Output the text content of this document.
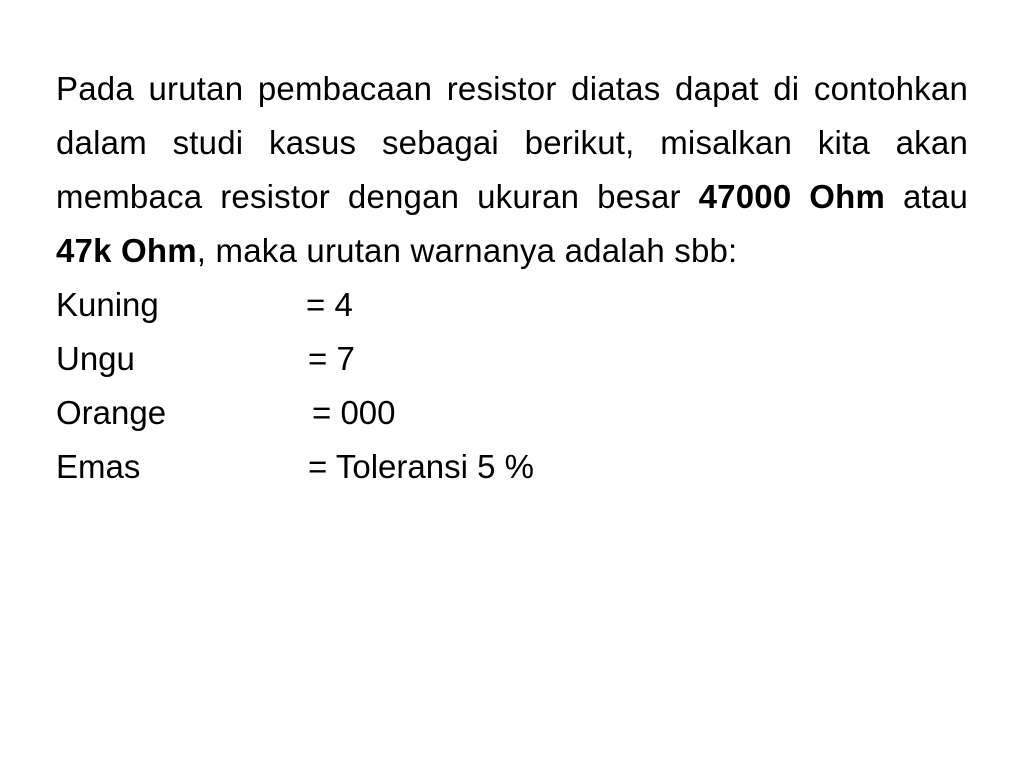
Pada urutan pembacaan resistor diatas dapat di contohkan dalam studi kasus sebagai berikut, misalkan kita akan membaca resistor dengan ukuran besar 47000 Ohm atau 47k Ohm, maka urutan warnanya adalah sbb:

Kuning	= 4
Ungu	= 7
Orange	= 000
Emas	= Toleransi 5 %
